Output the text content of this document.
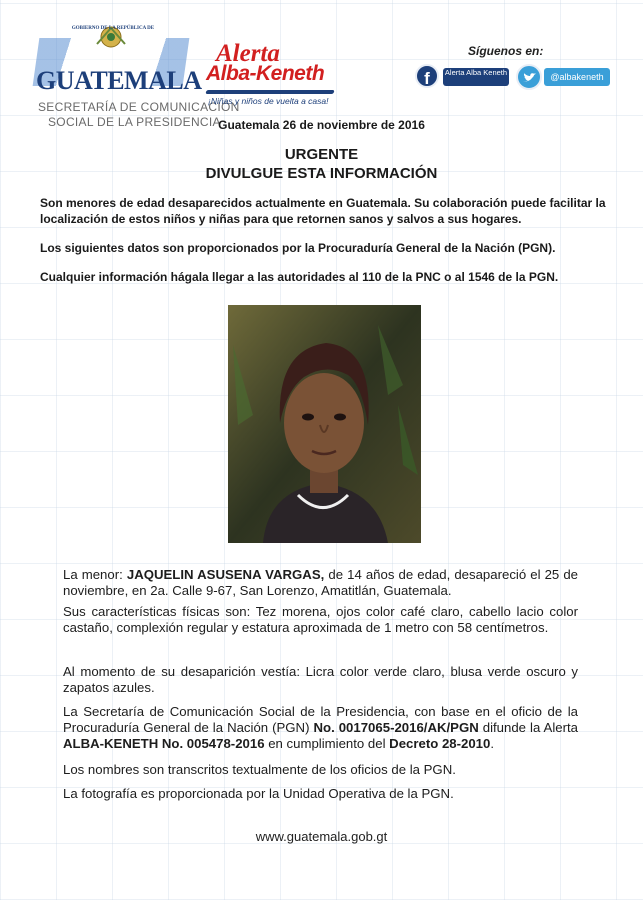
GOBIERNO DE LA REPÚBLICA DE
GUATEMALA
SECRETARÍA DE COMUNICACIÓN
SOCIAL DE LA PRESIDENCIA
Alerta
Alba-Keneth
¡Niñas y niños de vuelta a casa!
Síguenos en:
f	Alerta Alba Keneth	@albakeneth
Guatemala 26 de noviembre de 2016
URGENTE
DIVULGUE ESTA INFORMACIÓN
Son menores de edad desaparecidos actualmente en Guatemala. Su colaboración puede facilitar la localización de estos niños y niñas para que retornen sanos y salvos a sus hogares.
Los siguientes datos son proporcionados por la Procuraduría General de la Nación (PGN).
Cualquier información hágala llegar a las autoridades al 110 de la PNC o al 1546 de la PGN.
La menor: JAQUELIN ASUSENA VARGAS, de 14 años de edad, desapareció el 25 de noviembre, en 2a. Calle 9-67, San Lorenzo, Amatitlán, Guatemala.
Sus características físicas son: Tez morena, ojos color café claro, cabello lacio color castaño, complexión regular y estatura aproximada de 1 metro con 58 centímetros.
Al momento de su desaparición vestía: Licra color verde claro, blusa verde oscuro y zapatos azules.
La Secretaría de Comunicación Social de la Presidencia, con base en el oficio de la Procuraduría General de la Nación (PGN) No. 0017065-2016/AK/PGN difunde la Alerta ALBA-KENETH No. 005478-2016 en cumplimiento del Decreto 28-2010.
Los nombres son transcritos textualmente de los oficios de la PGN.
La fotografía es proporcionada por la Unidad Operativa de la PGN.
www.guatemala.gob.gt
